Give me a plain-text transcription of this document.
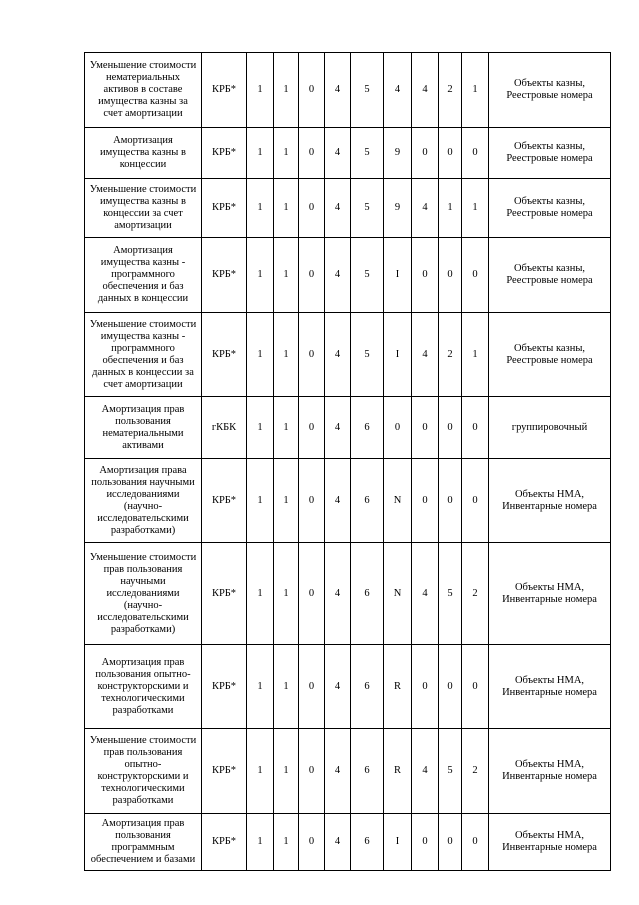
Уменьшение стоимости нематериальных активов в составе имущества казны за счет амортизации	КРБ*	1	1	0	4	5	4	4	2	1	Объекты казны, Реестровые номера
Амортизация имущества казны в концессии	КРБ*	1	1	0	4	5	9	0	0	0	Объекты казны, Реестровые номера
Уменьшение стоимости имущества казны в концессии за счет амортизации	КРБ*	1	1	0	4	5	9	4	1	1	Объекты казны, Реестровые номера
Амортизация имущества казны - программного обеспечения и баз данных в концессии	КРБ*	1	1	0	4	5	I	0	0	0	Объекты казны, Реестровые номера
Уменьшение стоимости имущества казны - программного обеспечения и баз данных в концессии за счет амортизации	КРБ*	1	1	0	4	5	I	4	2	1	Объекты казны, Реестровые номера
Амортизация прав пользования нематериальными активами	гКБК	1	1	0	4	6	0	0	0	0	группировочный
Амортизация права пользования научными исследованиями (научно-исследовательскими разработками)	КРБ*	1	1	0	4	6	N	0	0	0	Объекты НМА, Инвентарные номера
Уменьшение стоимости прав пользования научными исследованиями (научно-исследовательскими разработками)	КРБ*	1	1	0	4	6	N	4	5	2	Объекты НМА, Инвентарные номера
Амортизация прав пользования опытно-конструкторскими и технологическими разработками	КРБ*	1	1	0	4	6	R	0	0	0	Объекты НМА, Инвентарные номера
Уменьшение стоимости прав пользования опытно-конструкторскими и технологическими разработками	КРБ*	1	1	0	4	6	R	4	5	2	Объекты НМА, Инвентарные номера
Амортизация прав пользования программным обеспечением и базами	КРБ*	1	1	0	4	6	I	0	0	0	Объекты НМА, Инвентарные номера
